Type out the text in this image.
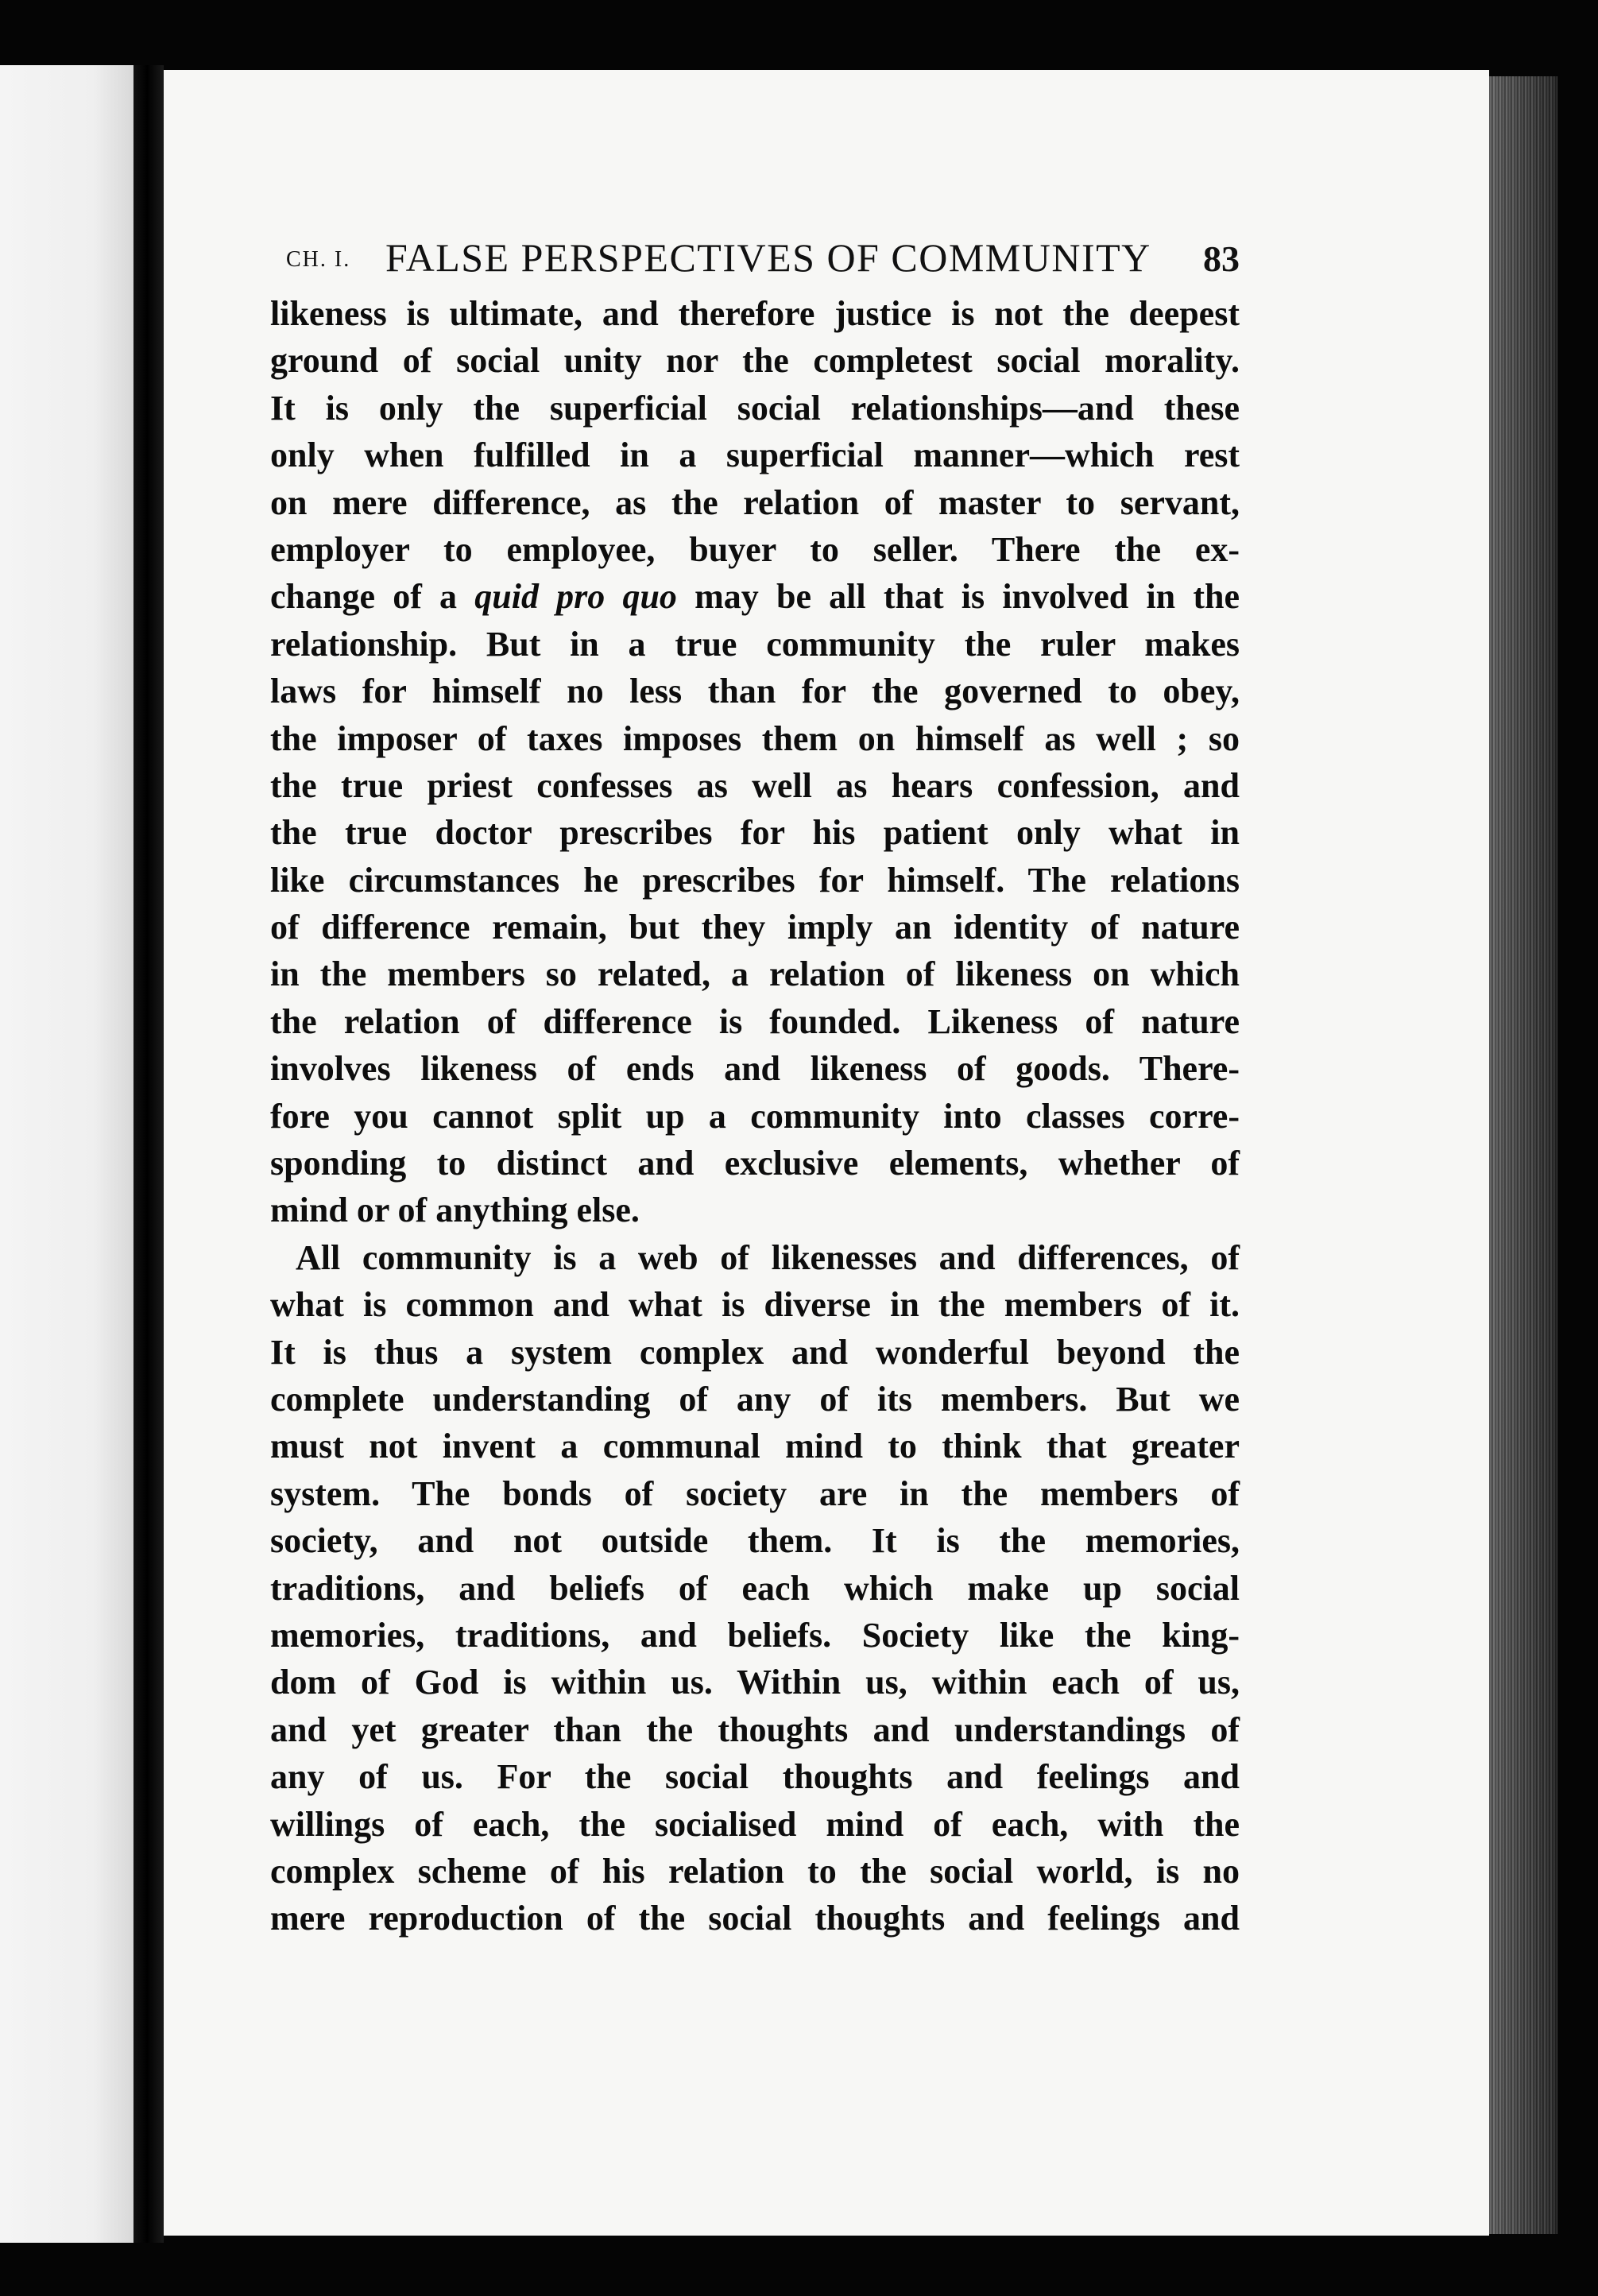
CH. I. FALSE PERSPECTIVES OF COMMUNITY 83
likeness is ultimate, and therefore justice is not the deepest
ground of social unity nor the completest social morality.
It is only the superficial social relationships—and these
only when fulfilled in a superficial manner—which rest
on mere difference, as the relation of master to servant,
employer to employee, buyer to seller. There the ex-
change of a quid pro quo may be all that is involved in the
relationship. But in a true community the ruler makes
laws for himself no less than for the governed to obey,
the imposer of taxes imposes them on himself as well ; so
the true priest confesses as well as hears confession, and
the true doctor prescribes for his patient only what in
like circumstances he prescribes for himself. The relations
of difference remain, but they imply an identity of nature
in the members so related, a relation of likeness on which
the relation of difference is founded. Likeness of nature
involves likeness of ends and likeness of goods. There-
fore you cannot split up a community into classes corre-
sponding to distinct and exclusive elements, whether of
mind or of anything else.
All community is a web of likenesses and differences, of
what is common and what is diverse in the members of it.
It is thus a system complex and wonderful beyond the
complete understanding of any of its members. But we
must not invent a communal mind to think that greater
system. The bonds of society are in the members of
society, and not outside them. It is the memories,
traditions, and beliefs of each which make up social
memories, traditions, and beliefs. Society like the king-
dom of God is within us. Within us, within each of us,
and yet greater than the thoughts and understandings of
any of us. For the social thoughts and feelings and
willings of each, the socialised mind of each, with the
complex scheme of his relation to the social world, is no
mere reproduction of the social thoughts and feelings and
